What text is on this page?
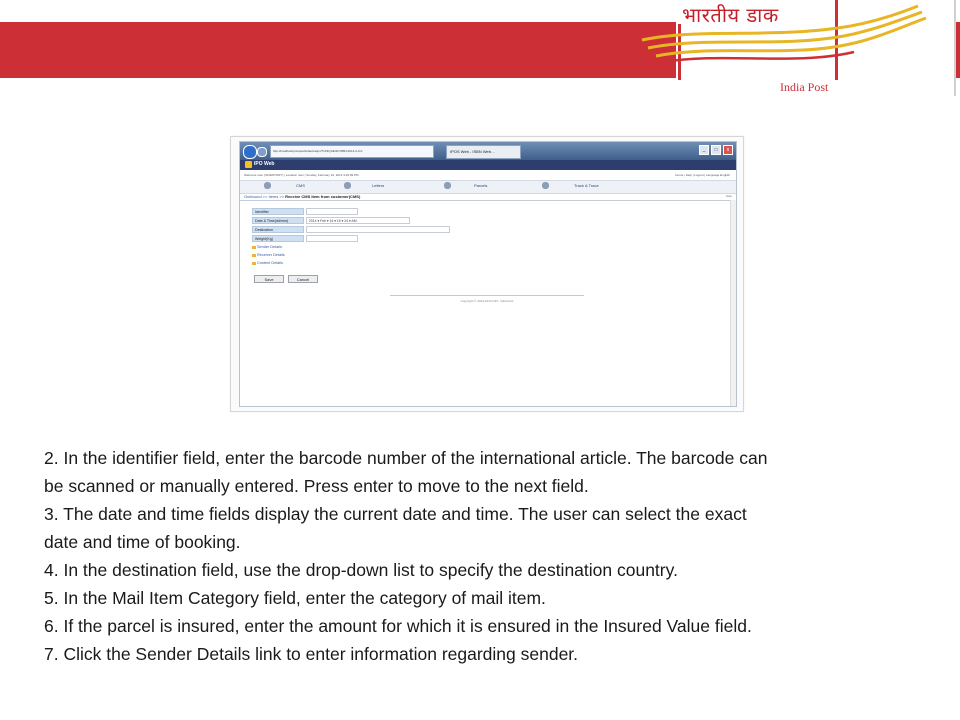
भारतीय डाक
India Post
http://localhost/pos/pos/default.aspx/?UNIQUEID=ISBN-2014-0-0-0	IPOS Web - ISBN Web…	_	□	x
IPO Web
Welcome user (INVENTORY) | Location user | Sunday, February 16, 2014 3:24:09 PM	Home | Help | Logout | Language English
CMS	Letters	Parcels	Track & Trace
Outbound >> Items >> Receive CMS Item from customer(CMS)	Help
Identifier
Date & Time(dd/mm)	2014 ▾ Feb ▾ 16 ▾ 15 ▾ 24 ▾ AM
Destination
Weight(Kg)
Sender Details
Receiver Details
Content Details
Save	Cancel
Copyright © 2013-2014 DPL. India Post

2. In the identifier field, enter the barcode number of the international article. The barcode can

be scanned or manually entered. Press enter to move to the next field.

3. The date and time fields display the current date and time. The user can select the exact

date and time of booking.

4. In the destination field, use the drop-down list to specify the destination country.

5. In the Mail Item Category field, enter the category of mail item.

6. If the parcel is insured, enter the amount for which it is ensured in the Insured Value field.

7. Click the Sender Details link to enter information regarding sender.
